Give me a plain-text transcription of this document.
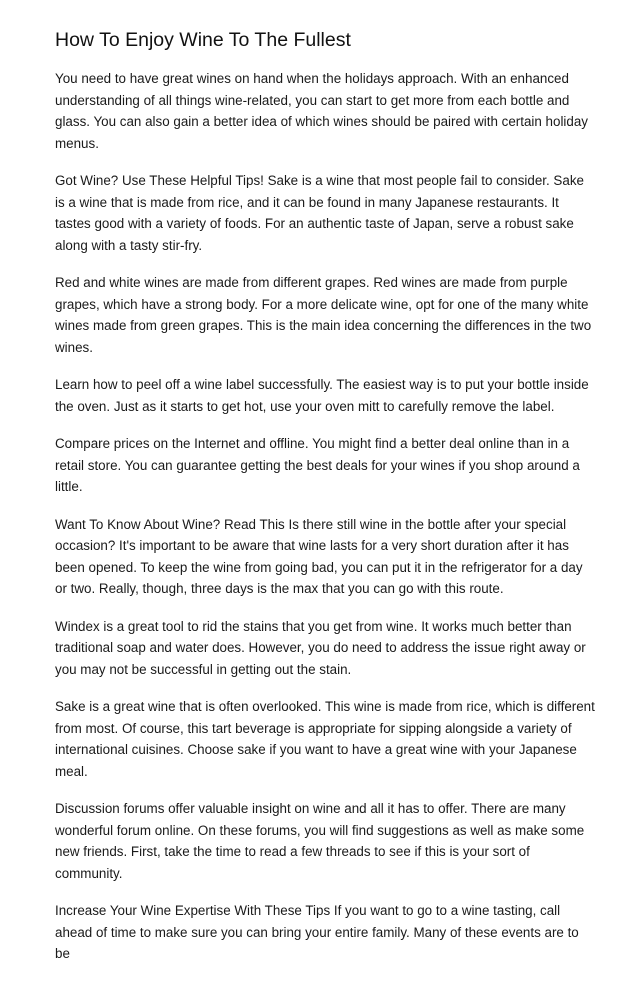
How To Enjoy Wine To The Fullest

You need to have great wines on hand when the holidays approach. With an enhanced understanding of all things wine-related, you can start to get more from each bottle and glass. You can also gain a better idea of which wines should be paired with certain holiday menus.

Got Wine? Use These Helpful Tips! Sake is a wine that most people fail to consider. Sake is a wine that is made from rice, and it can be found in many Japanese restaurants. It tastes good with a variety of foods. For an authentic taste of Japan, serve a robust sake along with a tasty stir-fry.

Red and white wines are made from different grapes. Red wines are made from purple grapes, which have a strong body. For a more delicate wine, opt for one of the many white wines made from green grapes. This is the main idea concerning the differences in the two wines.

Learn how to peel off a wine label successfully. The easiest way is to put your bottle inside the oven. Just as it starts to get hot, use your oven mitt to carefully remove the label.

Compare prices on the Internet and offline. You might find a better deal online than in a retail store. You can guarantee getting the best deals for your wines if you shop around a little.

Want To Know About Wine? Read This Is there still wine in the bottle after your special occasion? It's important to be aware that wine lasts for a very short duration after it has been opened. To keep the wine from going bad, you can put it in the refrigerator for a day or two. Really, though, three days is the max that you can go with this route.

Windex is a great tool to rid the stains that you get from wine. It works much better than traditional soap and water does. However, you do need to address the issue right away or you may not be successful in getting out the stain.

Sake is a great wine that is often overlooked. This wine is made from rice, which is different from most. Of course, this tart beverage is appropriate for sipping alongside a variety of international cuisines. Choose sake if you want to have a great wine with your Japanese meal.

Discussion forums offer valuable insight on wine and all it has to offer. There are many wonderful forum online. On these forums, you will find suggestions as well as make some new friends. First, take the time to read a few threads to see if this is your sort of community.

Increase Your Wine Expertise With These Tips If you want to go to a wine tasting, call ahead of time to make sure you can bring your entire family. Many of these events are to be
